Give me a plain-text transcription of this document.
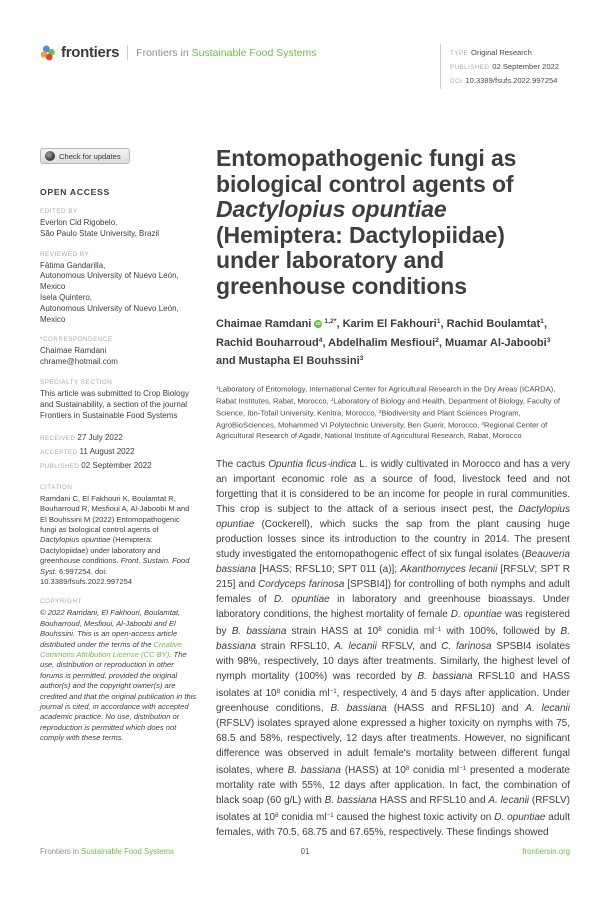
frontiers Frontiers in Sustainable Food Systems	TYPE Original Research
PUBLISHED 02 September 2022
DOI 10.3389/fsufs.2022.997254
Check for updates
OPEN ACCESS
EDITED BY
Everlon Cid Rigobelo,
São Paulo State University, Brazil
REVIEWED BY
Fátima Gandarilla,
Autonomous University of Nuevo León, Mexico
Isela Quintero,
Autonomous University of Nuevo León, Mexico
*CORRESPONDENCE
Chaimae Ramdani
chrame@hotmail.com
SPECIALTY SECTION
This article was submitted to Crop Biology and Sustainability, a section of the journal Frontiers in Sustainable Food Systems
RECEIVED 27 July 2022
ACCEPTED 11 August 2022
PUBLISHED 02 September 2022
CITATION

Ramdani C, El Fakhouri K, Boulamtat R, Bouharroud R, Mesfioui A, Al-Jaboobi M and El Bouhssini M (2022) Entomopathogenic fungi as biological control agents of Dactylopius opuntiae (Hemiptera: Dactylopiidae) under laboratory and greenhouse conditions. Front. Sustain. Food Syst. 6:997254. doi: 10.3389/fsufs.2022.997254

COPYRIGHT

© 2022 Ramdani, El Fakhouri, Boulamtat, Bouharroud, Mesfioui, Al-Jaboobi and El Bouhssini. This is an open-access article distributed under the terms of the Creative Commons Attribution License (CC BY). The use, distribution or reproduction in other forums is permitted, provided the original author(s) and the copyright owner(s) are credited and that the original publication in this journal is cited, in accordance with accepted academic practice. No use, distribution or reproduction is permitted which does not comply with these terms.

Entomopathogenic fungi as biological control agents of Dactylopius opuntiae (Hemiptera: Dactylopiidae) under laboratory and greenhouse conditions
Chaimae Ramdani iD $^{1,2*}$, Karim El Fakhouri$^1$, Rachid Boulamtat$^1$, Rachid Bouharroud$^4$, Abdelhalim Mesfioui$^2$, Muamar Al-Jaboobi$^3$ and Mustapha El Bouhssini$^3$

$^1$Laboratory of Entomology, International Center for Agricultural Research in the Dry Areas (ICARDA), Rabat Institutes, Rabat, Morocco, $^2$Laboratory of Biology and Health, Department of Biology, Faculty of Science, Ibn-Tofail University, Kenitra, Morocco, $^3$Biodiversity and Plant Sciences Program, AgroBioSciences, Mohammed VI Polytechnic University, Ben Guerir, Morocco, $^4$Regional Center of Agricultural Research of Agadir, National Institute of Agricultural Research, Rabat, Morocco

The cactus Opuntia ficus-indica L. is widly cultivated in Morocco and has a very an important economic role as a source of food, livestock feed and not forgetting that it is considered to be an income for people in rural communities. This crop is subject to the attack of a serious insect pest, the Dactylopius opuntiae (Cockerell), which sucks the sap from the plant causing huge production losses since its introduction to the country in 2014. The present study investigated the entomopathogenic effect of six fungal isolates (Beauveria bassiana [HASS; RFSL10; SPT 011 (a)]; Akanthomyces lecanii [RFSLV; SPT R 215] and Cordyceps farinosa [SPSBI4]) for controlling of both nymphs and adult females of D. opuntiae in laboratory and greenhouse bioassays. Under laboratory conditions, the highest mortality of female D. opuntiae was registered by B. bassiana strain HASS at $10^8$ conidia $ml^{-1}$ with 100%, followed by B. bassiana strain RFSL10, A. lecanii RFSLV, and C. farinosa SPSBI4 isolates with 98%, respectively, 10 days after treatments. Similarly, the highest level of nymph mortality (100%) was recorded by B. bassiana RFSL10 and HASS isolates at $10^8$ conidia $ml^{-1}$, respectively, 4 and 5 days after application. Under greenhouse conditions, B. bassiana (HASS and RFSL10) and A. lecanii (RFSLV) isolates sprayed alone expressed a higher toxicity on nymphs with 75, 68.5 and 58%, respectively, 12 days after treatments. However, no significant difference was observed in adult female's mortality between different fungal isolates, where B. bassiana (HASS) at $10^8$ conidia $ml^{-1}$ presented a moderate mortality rate with 55%, 12 days after application. In fact, the combination of black soap (60 g/L) with B. bassiana HASS and RFSL10 and A. lecanii (RFSLV) isolates at $10^8$ conidia $ml^{-1}$ caused the highest toxic activity on D. opuntiae adult females, with 70.5, 68.75 and 67.65%, respectively. These findings showed

Frontiers in Sustainable Food Systems	01	frontiersin.org
